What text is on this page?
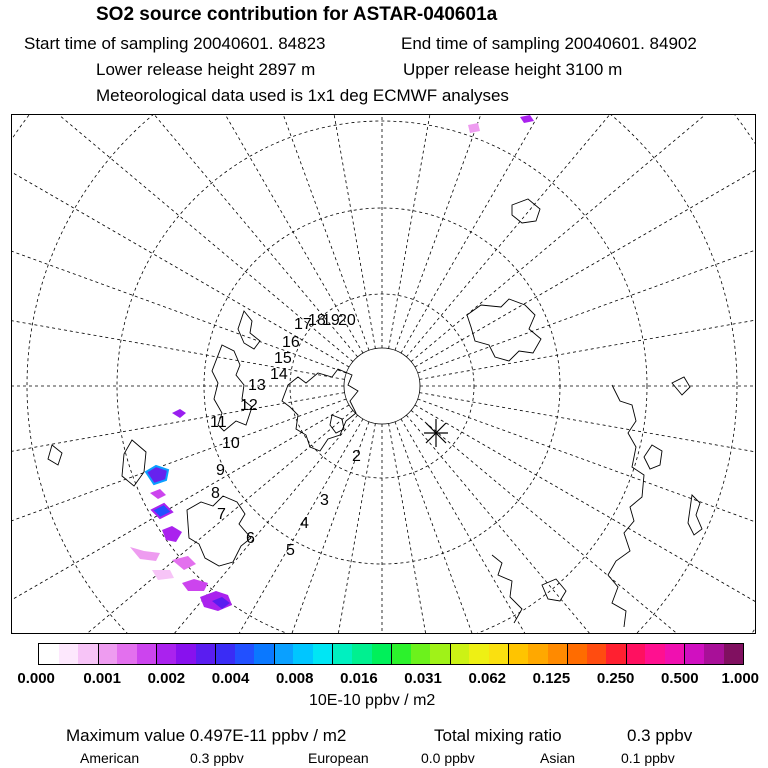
SO2 source contribution for ASTAR-040601a
Start time of sampling 20040601. 84823	End time of sampling 20040601. 84902
Lower release height 2897 m	Upper release height 3100 m
Meteorological data used is 1x1 deg ECMWF analyses
5
6
7
8
9
10
11
12
13
14
15
16
17
18
19
20
4
3
2
0.000 0.001 0.002 0.004 0.008 0.016 0.031 0.062 0.125 0.250 0.500 1.000
10E-10 ppbv / m2
Maximum value 0.497E-11 ppbv / m2	Total mixing ratio	0.3 ppbv
American	0.3 ppbv	European	0.0 ppbv	Asian	0.1 ppbv
